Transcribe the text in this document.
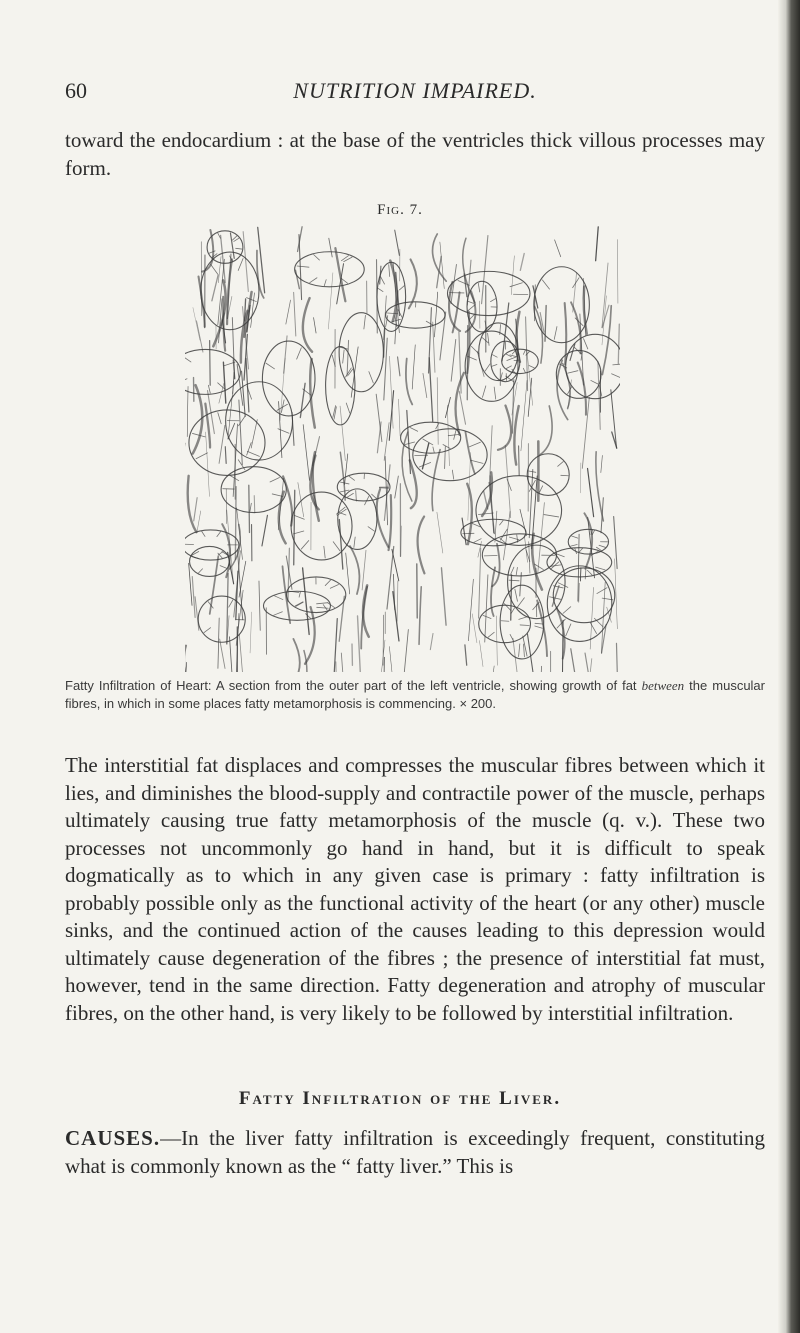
60	NUTRITION IMPAIRED.
toward the endocardium : at the base of the ventricles thick villous processes may form.
Fig. 7.
Fatty Infiltration of Heart: A section from the outer part of the left ventricle, showing growth of fat between the muscular fibres, in which in some places fatty metamorphosis is commencing. × 200.
The interstitial fat displaces and compresses the muscular fibres between which it lies, and diminishes the blood-supply and contractile power of the muscle, perhaps ultimately causing true fatty metamorphosis of the muscle (q. v.). These two processes not uncommonly go hand in hand, but it is difficult to speak dogmatically as to which in any given case is primary : fatty infiltration is probably possible only as the functional activity of the heart (or any other) muscle sinks, and the continued action of the causes leading to this depression would ultimately cause degeneration of the fibres ; the presence of interstitial fat must, however, tend in the same direction. Fatty degeneration and atrophy of muscular fibres, on the other hand, is very likely to be followed by interstitial infiltration.
Fatty Infiltration of the Liver.
CAUSES.—In the liver fatty infiltration is exceedingly frequent, constituting what is commonly known as the “ fatty liver.” This is
